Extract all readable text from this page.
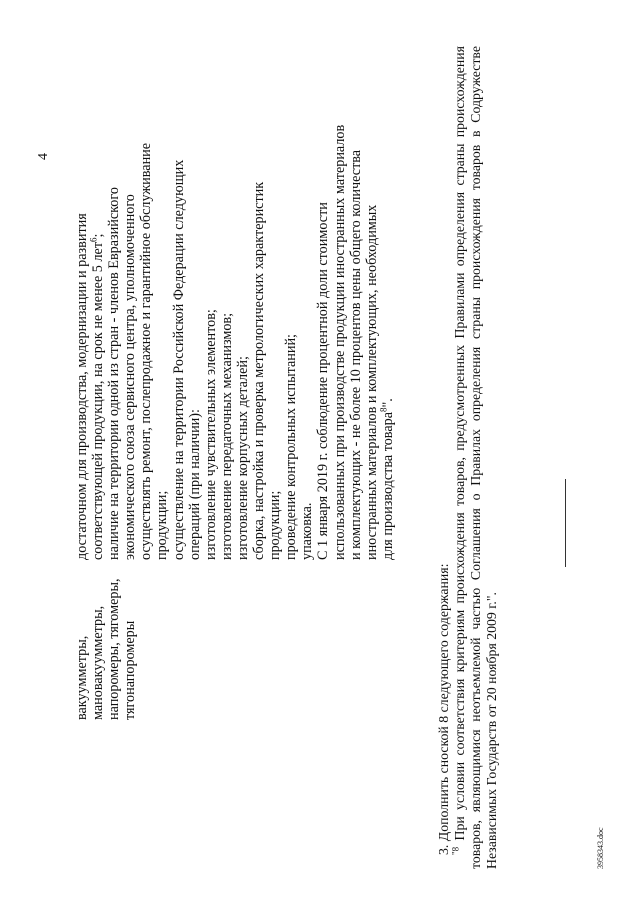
4

вакуумметры, мановакуумметры, напоромеры, тягомеры, тягонапоромеры

достаточном для производства, модернизации и развития соответствующей продукции, на срок не менее 5 лет$^6$; наличие на территории одной из стран - членов Евразийского экономического союза сервисного центра, уполномоченного осуществлять ремонт, послепродажное и гарантийное обслуживание продукции; осуществление на территории Российской Федерации следующих операций (при наличии): изготовление чувствительных элементов; изготовление передаточных механизмов; изготовление корпусных деталей; сборка, настройка и проверка метрологических характеристик продукции; проведение контрольных испытаний; упаковка. С 1 января 2019 г. соблюдение процентной доли стоимости использованных при производстве продукции иностранных материалов и комплектующих - не более 10 процентов цены общего количества иностранных материалов и комплектующих, необходимых для производства товара$^8$".

3. Дополнить сноской 8 следующего содержания: $^{"8}$ При условии соответствия критериям происхождения товаров, предусмотренных Правилами определения страны происхождения товаров, являющимися неотъемлемой частью Соглашения о Правилах определения страны происхождения товаров в Содружестве Независимых Государств от 20 ноября 2009 г.".	3958343.doc
